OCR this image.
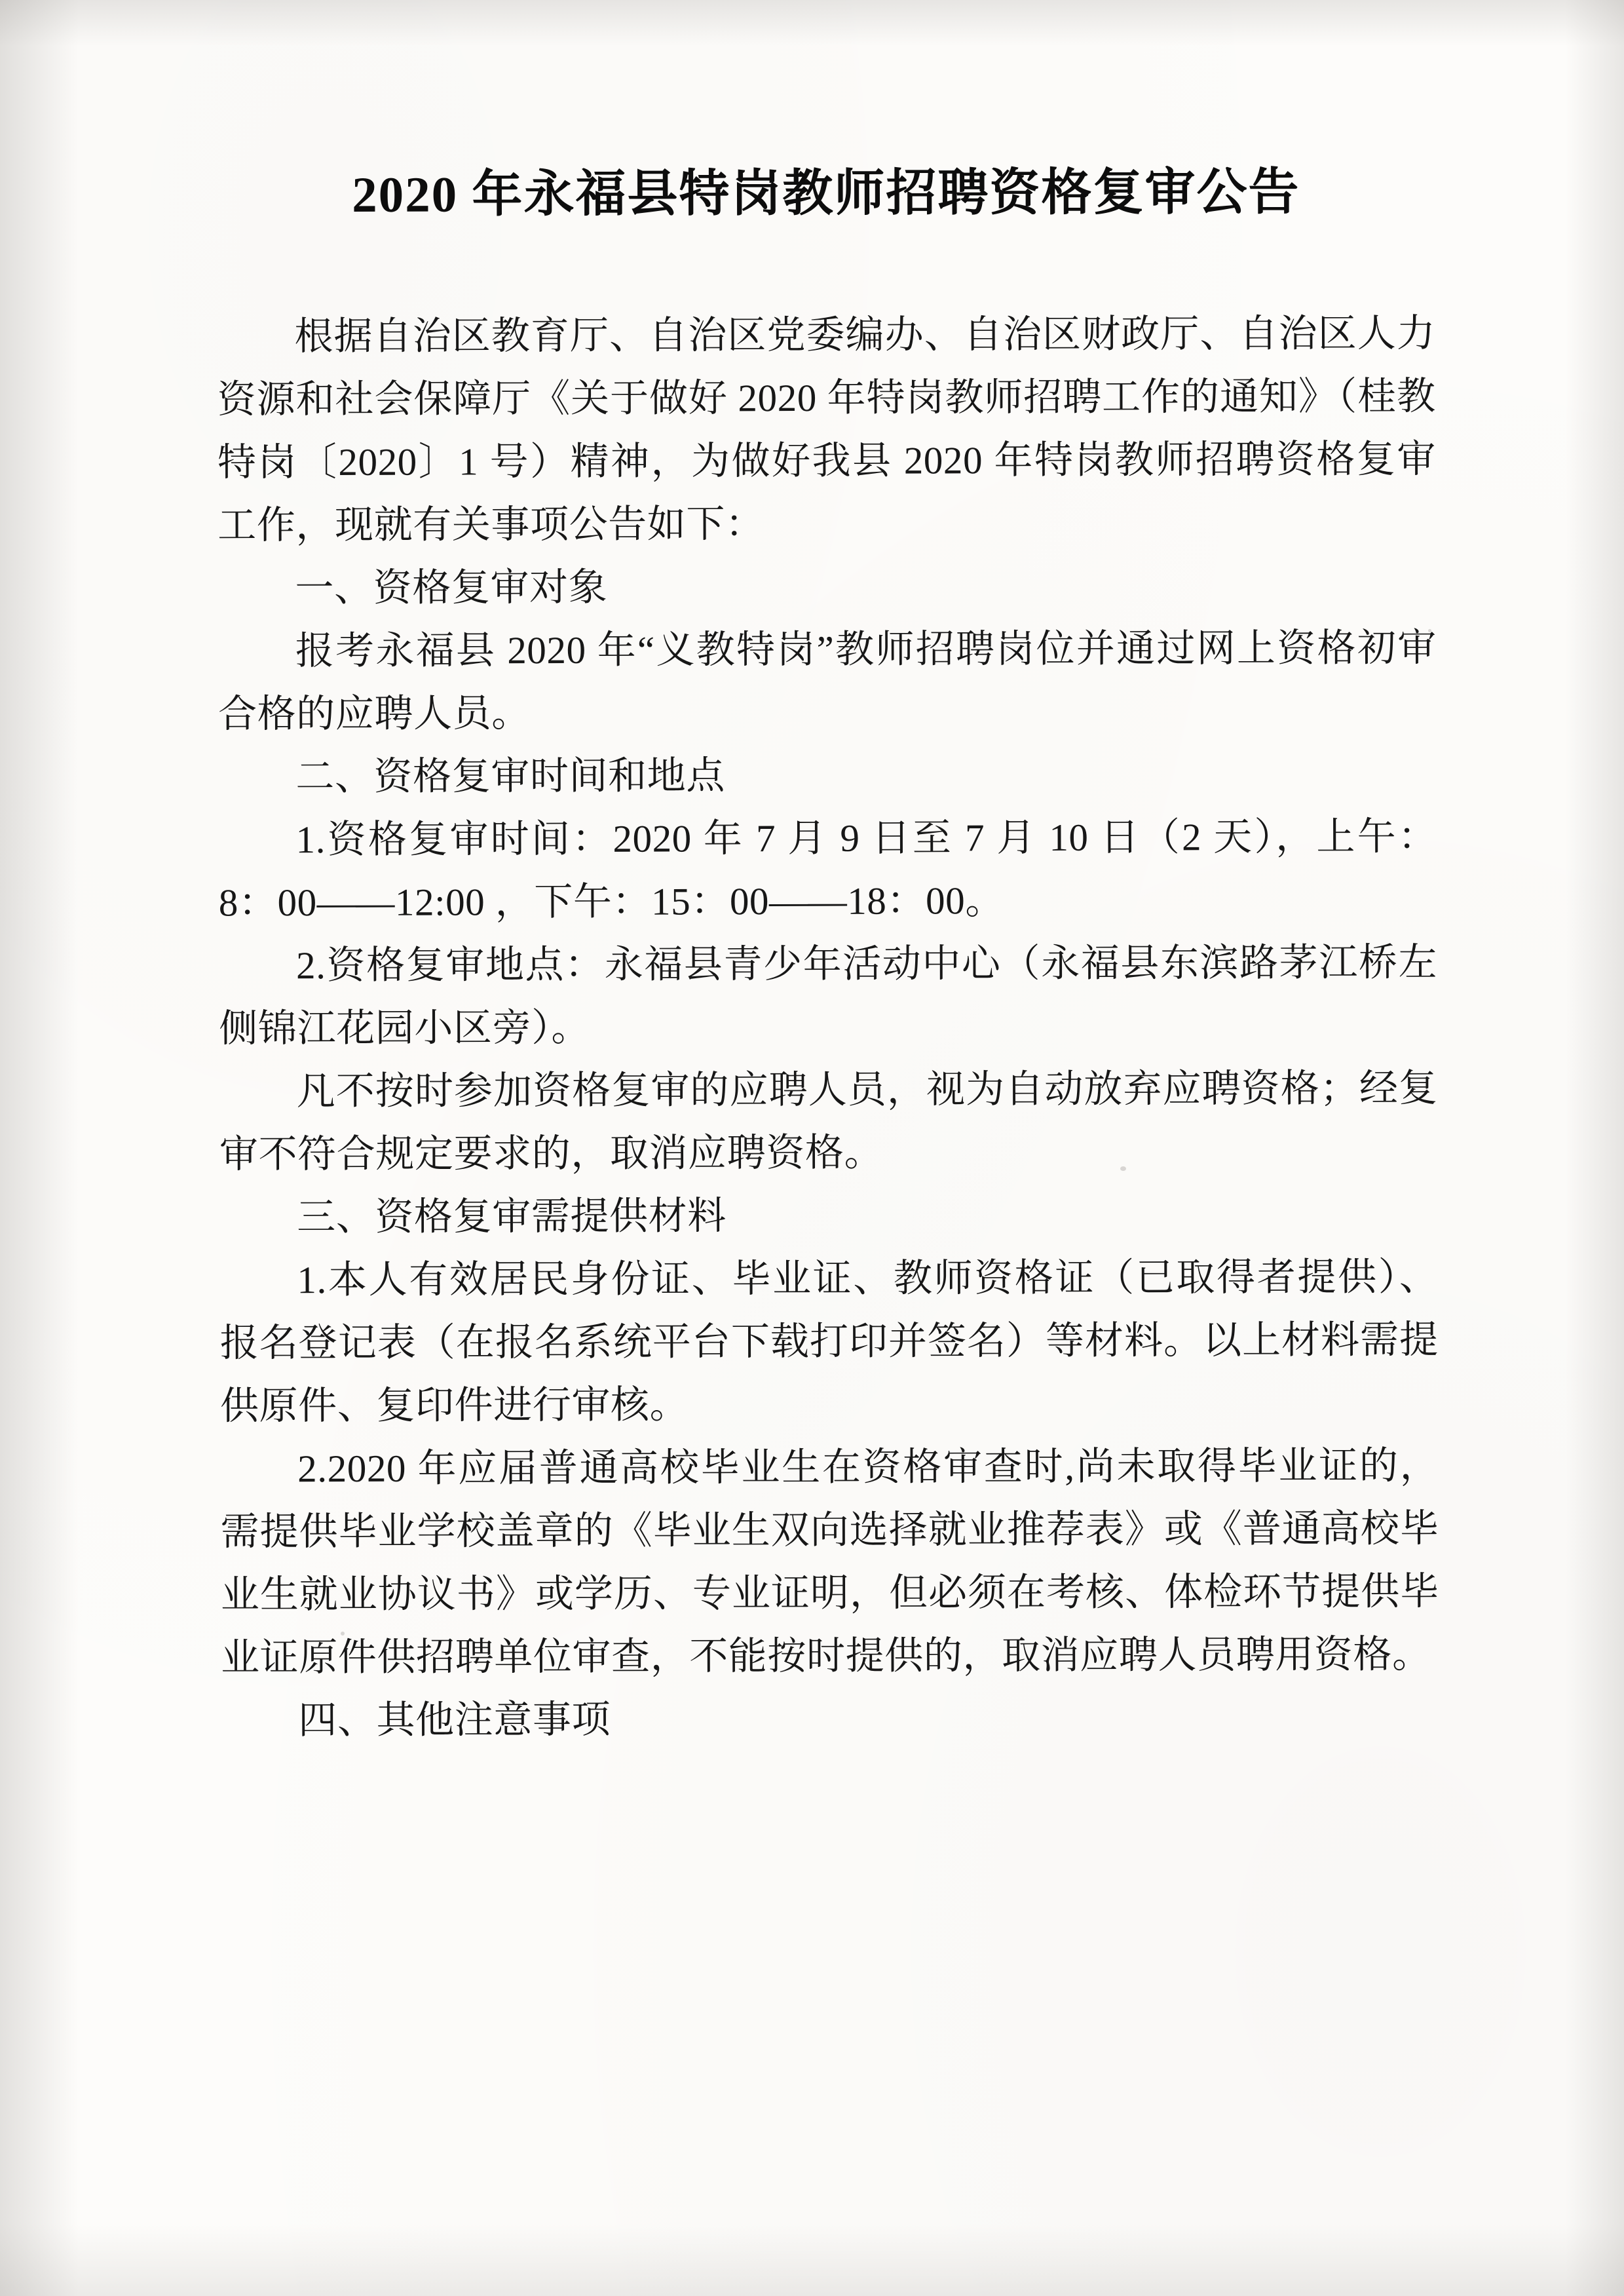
2020 年永福县特岗教师招聘资格复审公告

根据自治区教育厅、自治区党委编办、自治区财政厅、自治区人力资源和社会保障厅《关于做好 2020 年特岗教师招聘工作的通知》（桂教特岗〔2020〕1 号）精神，为做好我县 2020 年特岗教师招聘资格复审工作，现就有关事项公告如下：

一、资格复审对象

报考永福县 2020 年“义教特岗”教师招聘岗位并通过网上资格初审合格的应聘人员。

二、资格复审时间和地点

1.资格复审时间：2020 年 7 月 9 日至 7 月 10 日（2 天），上午：8：00——12:00 ，下午：15：00——18：00。

2.资格复审地点：永福县青少年活动中心（永福县东滨路茅江桥左侧锦江花园小区旁）。

凡不按时参加资格复审的应聘人员，视为自动放弃应聘资格；经复审不符合规定要求的，取消应聘资格。

三、资格复审需提供材料

1.本人有效居民身份证、毕业证、教师资格证（已取得者提供）、报名登记表（在报名系统平台下载打印并签名）等材料。以上材料需提供原件、复印件进行审核。

2.2020 年应届普通高校毕业生在资格审查时,尚未取得毕业证的，需提供毕业学校盖章的《毕业生双向选择就业推荐表》或《普通高校毕业生就业协议书》或学历、专业证明，但必须在考核、体检环节提供毕业证原件供招聘单位审查，不能按时提供的，取消应聘人员聘用资格。

四、其他注意事项
